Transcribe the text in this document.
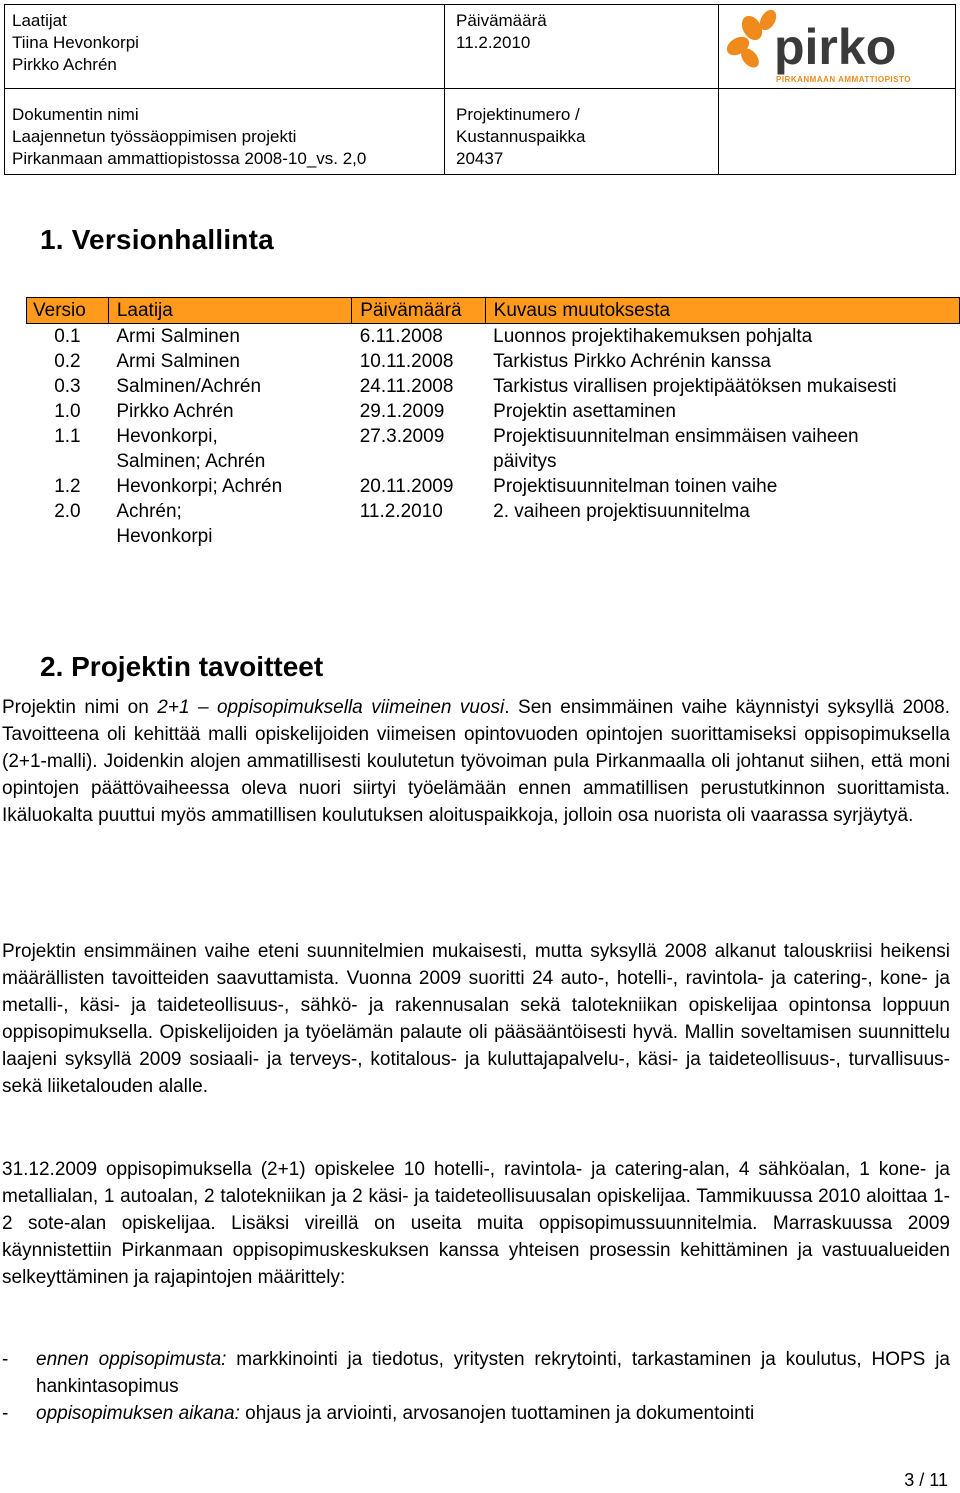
Laatijat
Tiina Hevonkorpi
Pirkko Achrén
Päivämäärä
11.2.2010
Dokumentin nimi
Laajennetun työssäoppimisen projekti
Pirkanmaan ammattiopistossa 2008-10_vs. 2,0
Projektinumero /
Kustannuspaikka
20437
pirko
PIRKANMAAN AMMATTIOPISTO
1. Versionhallinta
Versio	Laatija	Päivämäärä	Kuvaus muutoksesta
0.1	Armi Salminen	6.11.2008	Luonnos projektihakemuksen pohjalta
0.2	Armi Salminen	10.11.2008	Tarkistus Pirkko Achrénin kanssa
0.3	Salminen/Achrén	24.11.2008	Tarkistus virallisen projektipäätöksen mukaisesti
1.0	Pirkko Achrén	29.1.2009	Projektin asettaminen
1.1	Hevonkorpi, Salminen; Achrén	27.3.2009	Projektisuunnitelman ensimmäisen vaiheen päivitys
1.2	Hevonkorpi; Achrén	20.11.2009	Projektisuunnitelman toinen vaihe
2.0	Achrén; Hevonkorpi	11.2.2010	2. vaiheen projektisuunnitelma
2. Projektin tavoitteet

Projektin nimi on 2+1 – oppisopimuksella viimeinen vuosi. Sen ensimmäinen vaihe käynnistyi syksyllä 2008. Tavoitteena oli kehittää malli opiskelijoiden viimeisen opintovuoden opintojen suorittamiseksi oppisopimuksella (2+1-malli). Joidenkin alojen ammatillisesti koulutetun työvoiman pula Pirkanmaalla oli johtanut siihen, että moni opintojen päättövaiheessa oleva nuori siirtyi työelämään ennen ammatillisen perustutkinnon suorittamista. Ikäluokalta puuttui myös ammatillisen koulutuksen aloituspaikkoja, jolloin osa nuorista oli vaarassa syrjäytyä.

Projektin ensimmäinen vaihe eteni suunnitelmien mukaisesti, mutta syksyllä 2008 alkanut talouskriisi heikensi määrällisten tavoitteiden saavuttamista. Vuonna 2009 suoritti 24 auto-, hotelli-, ravintola- ja catering-, kone- ja metalli-, käsi- ja taideteollisuus-, sähkö- ja rakennusalan sekä talotekniikan opiskelijaa opintonsa loppuun oppisopimuksella. Opiskelijoiden ja työelämän palaute oli pääsääntöisesti hyvä. Mallin soveltamisen suunnittelu laajeni syksyllä 2009 sosiaali- ja terveys-, kotitalous- ja kuluttajapalvelu-, käsi- ja taideteollisuus-, turvallisuus- sekä liiketalouden alalle.

31.12.2009 oppisopimuksella (2+1) opiskelee 10 hotelli-, ravintola- ja catering-alan, 4 sähköalan, 1 kone- ja metallialan, 1 autoalan, 2 talotekniikan ja 2 käsi- ja taideteollisuusalan opiskelijaa. Tammikuussa 2010 aloittaa 1-2 sote-alan opiskelijaa. Lisäksi vireillä on useita muita oppisopimussuunnitelmia. Marraskuussa 2009 käynnistettiin Pirkanmaan oppisopimuskeskuksen kanssa yhteisen prosessin kehittäminen ja vastuualueiden selkeyttäminen ja rajapintojen määrittely:

- ennen oppisopimusta: markkinointi ja tiedotus, yritysten rekrytointi, tarkastaminen ja koulutus, HOPS ja hankintasopimus
- oppisopimuksen aikana: ohjaus ja arviointi, arvosanojen tuottaminen ja dokumentointi
3 / 11
